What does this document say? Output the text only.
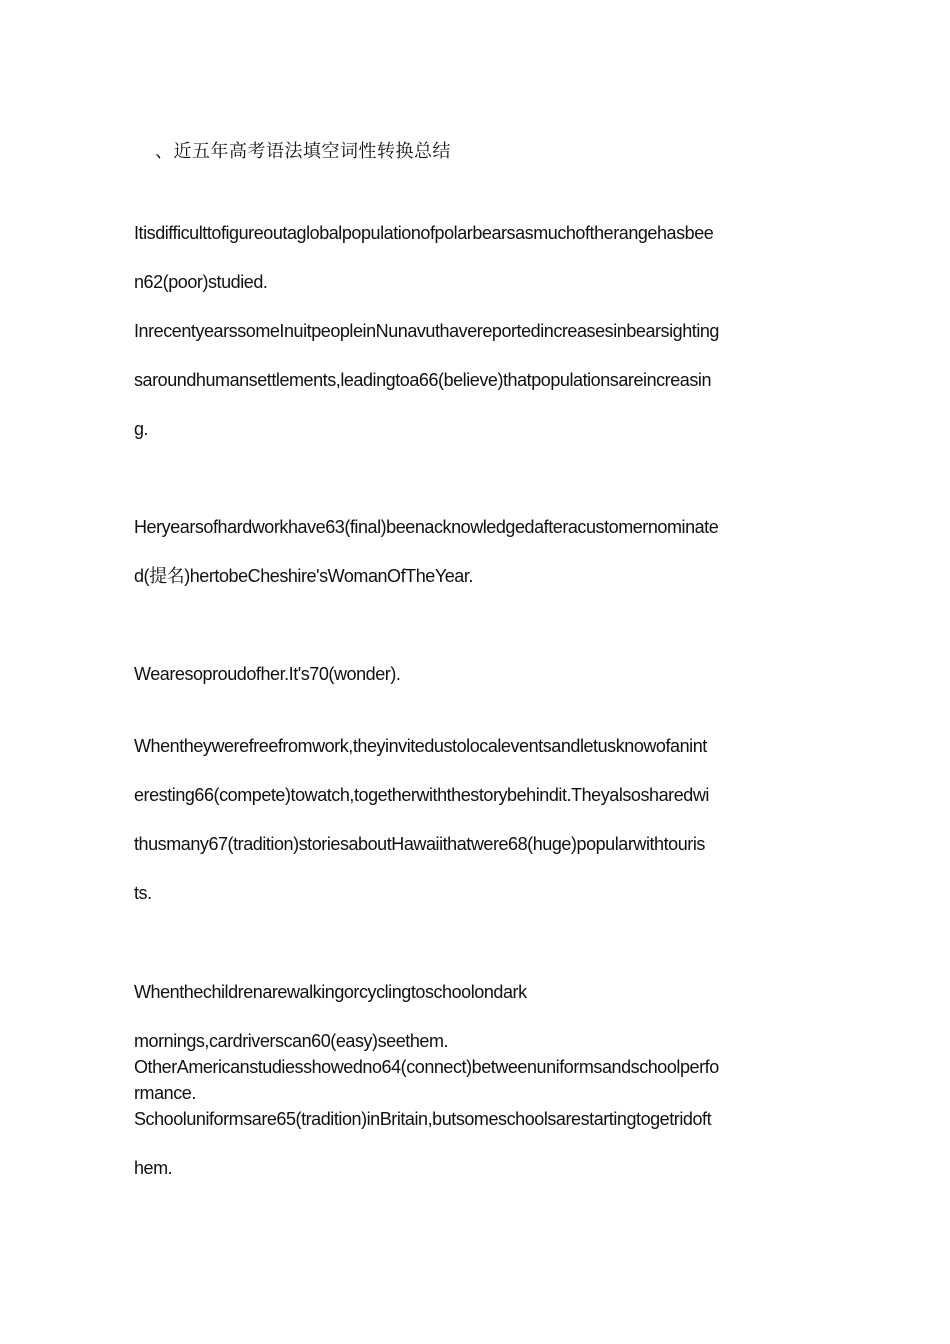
、近五年高考语法填空词性转换总结
Itisdifficulttofigureoutaglobalpopulationofpolarbearsasmuchoftherangehasbee
n62(poor)studied.
InrecentyearssomeInuitpeopleinNunavuthavereportedincreasesinbearsighting
saroundhumansettlements,leadingtoa66(believe)thatpopulationsareincreasin
g.
Heryearsofhardworkhave63(final)beenacknowledgedafteracustomernominate
d(提名)hertobeCheshire'sWomanOfTheYear.
Wearesoproudofher.It's70(wonder).
Whentheywerefreefromwork,theyinvitedustolocaleventsandletusknowofanint
eresting66(compete)towatch,togetherwiththestorybehindit.Theyalsosharedwi
thusmany67(tradition)storiesaboutHawaiithatwere68(huge)popularwithtouris
ts.
Whenthechildrenarewalkingorcyclingtoschoolondark
mornings,cardriverscan60(easy)seethem.
OtherAmericanstudiesshowedno64(connect)betweenuniformsandschoolperfo
rmance.
Schooluniformsare65(tradition)inBritain,butsomeschoolsarestartingtogetridoft
hem.
